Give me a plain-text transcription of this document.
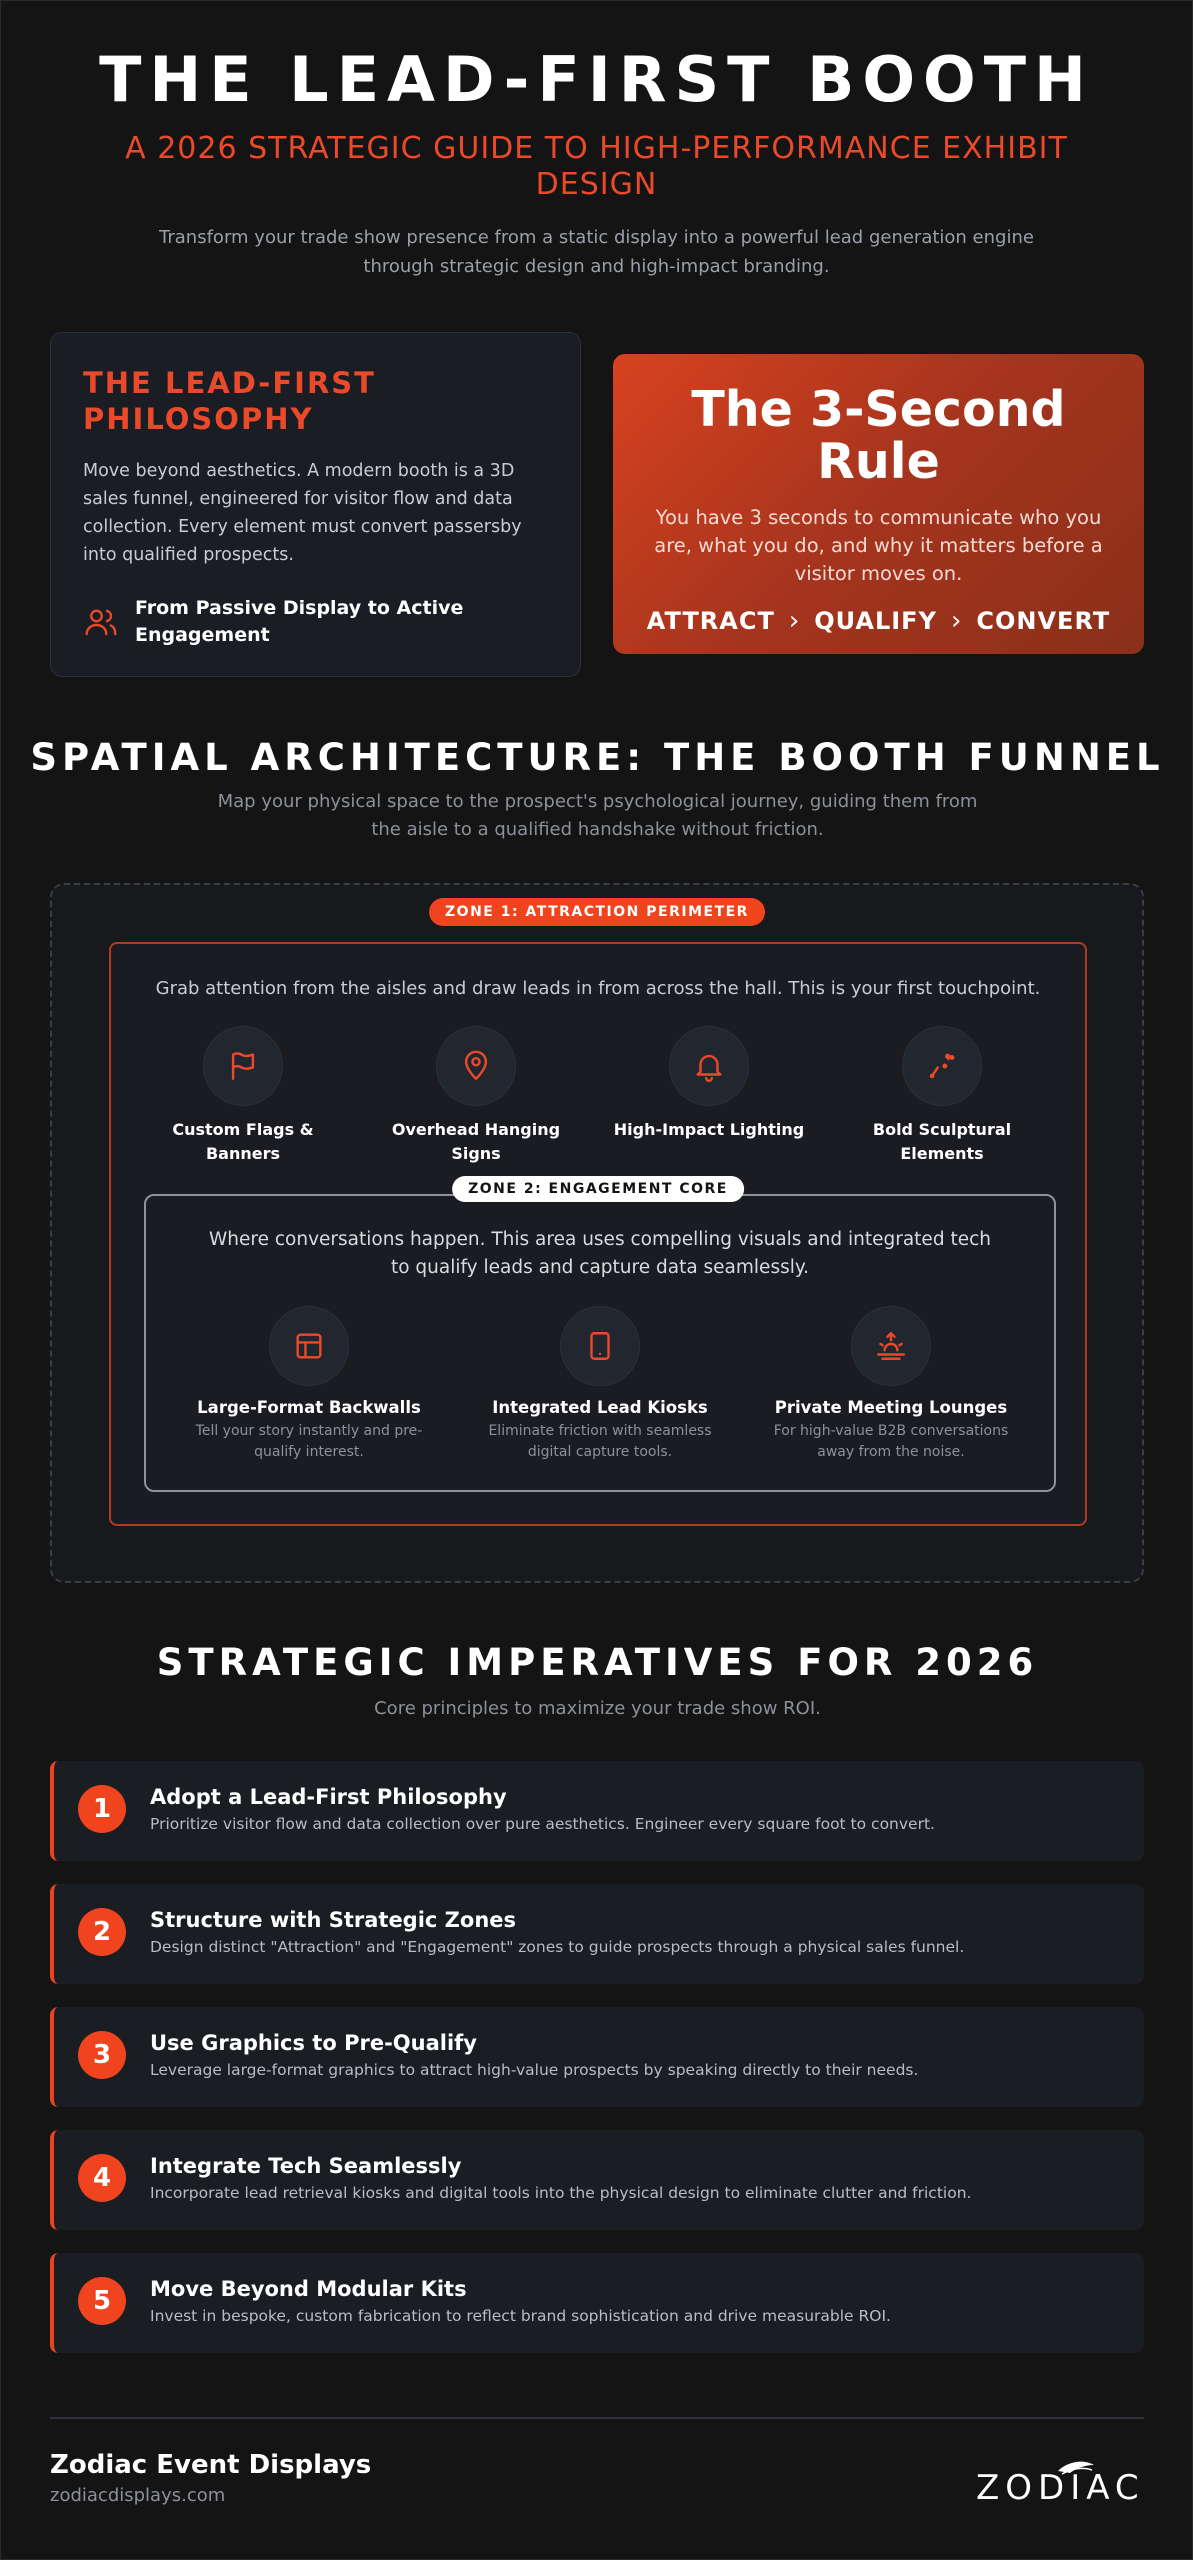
THE LEAD-FIRST BOOTH
A 2026 STRATEGIC GUIDE TO HIGH-PERFORMANCE EXHIBIT DESIGN
Transform your trade show presence from a static display into a powerful lead generation engine through strategic design and high-impact branding.
THE LEAD-FIRST PHILOSOPHY
Move beyond aesthetics. A modern booth is a 3D sales funnel, engineered for visitor flow and data collection. Every element must convert passersby into qualified prospects.
From Passive Display to Active Engagement
The 3-Second Rule
You have 3 seconds to communicate who you are, what you do, and why it matters before a visitor moves on.
ATTRACT › QUALIFY › CONVERT
SPATIAL ARCHITECTURE: THE BOOTH FUNNEL
Map your physical space to the prospect's psychological journey, guiding them from the aisle to a qualified handshake without friction.
ZONE 1: ATTRACTION PERIMETER
Grab attention from the aisles and draw leads in from across the hall. This is your first touchpoint.
Custom Flags & Banners
Overhead Hanging Signs
High-Impact Lighting	Bold Sculptural Elements
ZONE 2: ENGAGEMENT CORE
Where conversations happen. This area uses compelling visuals and integrated tech to qualify leads and capture data seamlessly.
Large-Format Backwalls
Tell your story instantly and pre-qualify interest.
Integrated Lead Kiosks
Eliminate friction with seamless digital capture tools.
Private Meeting Lounges
For high-value B2B conversations away from the noise.
STRATEGIC IMPERATIVES FOR 2026
Core principles to maximize your trade show ROI.
1	Adopt a Lead-First Philosophy
Prioritize visitor flow and data collection over pure aesthetics. Engineer every square foot to convert.
2	Structure with Strategic Zones
Design distinct "Attraction" and "Engagement" zones to guide prospects through a physical sales funnel.
3	Use Graphics to Pre-Qualify
Leverage large-format graphics to attract high-value prospects by speaking directly to their needs.
4	Integrate Tech Seamlessly
Incorporate lead retrieval kiosks and digital tools into the physical design to eliminate clutter and friction.
5	Move Beyond Modular Kits
Invest in bespoke, custom fabrication to reflect brand sophistication and drive measurable ROI.
Zodiac Event Displays
zodiacdisplays.com	ZODIAC
